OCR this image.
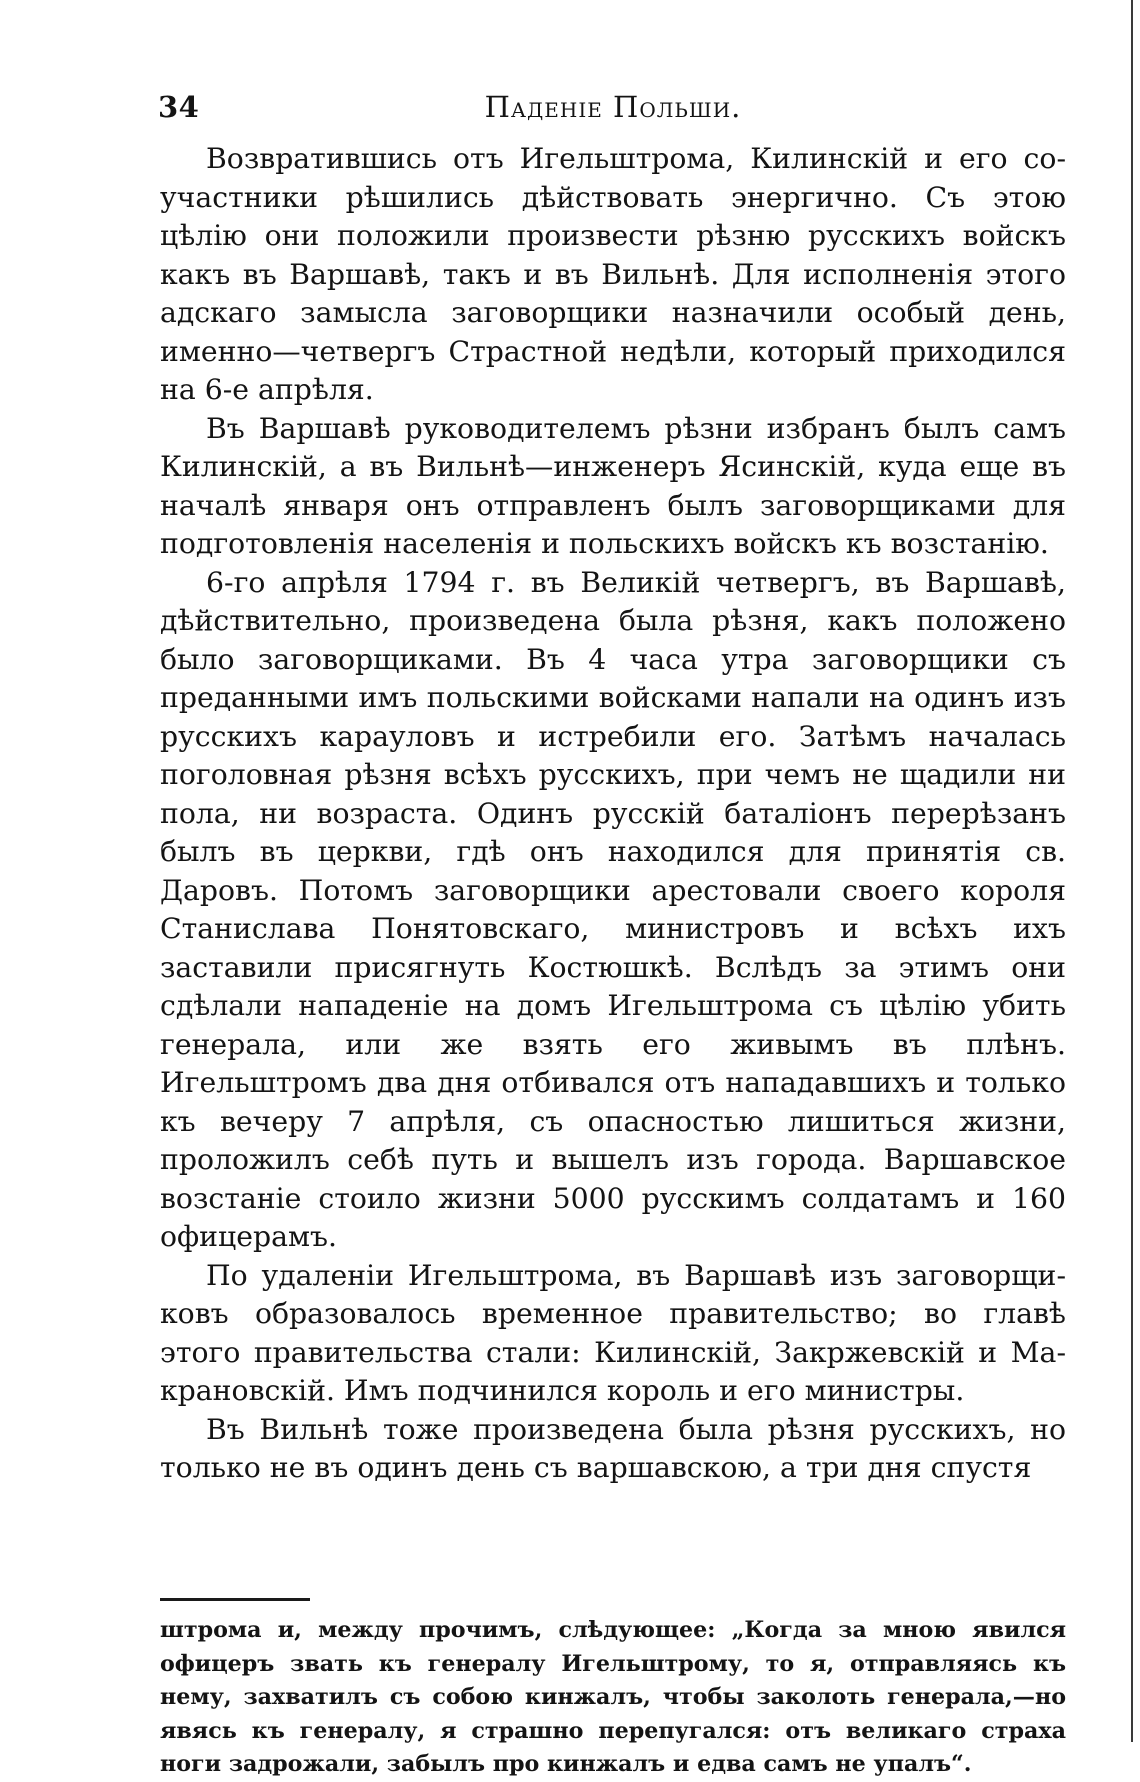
34	Паденіе Польши.

Возвратившись отъ Игельштрома, Килинскій и его соучастники рѣшились дѣйствовать энергично. Съ этою цѣлію они положили произвести рѣзню русскихъ войскъ какъ въ Варшавѣ, такъ и въ Вильнѣ. Для исполненія этого адскаго замысла заговорщики назначили особый день, именно—четвергъ Страстной недѣли, который приходился на 6-е апрѣля.

Въ Варшавѣ руководителемъ рѣзни избранъ былъ самъ Килинскій, а въ Вильнѣ—инженеръ Ясинскій, куда еще въ началѣ января онъ отправленъ былъ заговорщиками для подготовленія населенія и польскихъ войскъ къ возстанію.

6-го апрѣля 1794 г. въ Великій четвергъ, въ Варшавѣ, дѣйствительно, произведена была рѣзня, какъ положено было заговорщиками. Въ 4 часа утра заговорщики съ преданными имъ польскими войсками напали на одинъ изъ русскихъ карауловъ и истребили его. Затѣмъ началась поголовная рѣзня всѣхъ русскихъ, при чемъ не щадили ни пола, ни возраста. Одинъ русскій баталіонъ перерѣзанъ былъ въ церкви, гдѣ онъ находился для принятія св. Даровъ. Потомъ заговорщики арестовали своего короля Станислава Понятовскаго, министровъ и всѣхъ ихъ заставили присягнуть Костюшкѣ. Вслѣдъ за этимъ они сдѣлали нападеніе на домъ Игельштрома съ цѣлію убить генерала, или же взять его живымъ въ плѣнъ. Игельштромъ два дня отбивался отъ нападавшихъ и только къ вечеру 7 апрѣля, съ опасностью лишиться жизни, проложилъ себѣ путь и вышелъ изъ города. Варшавское возстаніе стоило жизни 5000 русскимъ солдатамъ и 160 офицерамъ.

По удаленіи Игельштрома, въ Варшавѣ изъ заговорщиковъ образовалось временное правительство; во главѣ этого правительства стали: Килинскій, Закржевскій и Макрановскій. Имъ подчинился король и его министры.

Въ Вильнѣ тоже произведена была рѣзня русскихъ, но только не въ одинъ день съ варшавскою, а три дня спустя

штрома и, между прочимъ, слѣдующее: „Когда за мною явился офицеръ звать къ генералу Игельштрому, то я, отправляясь къ нему, захватилъ съ собою кинжалъ, чтобы заколоть генерала,—но явясь къ генералу, я страшно перепугался: отъ великаго страха ноги задрожали, забылъ про кинжалъ и едва самъ не упалъ“.
